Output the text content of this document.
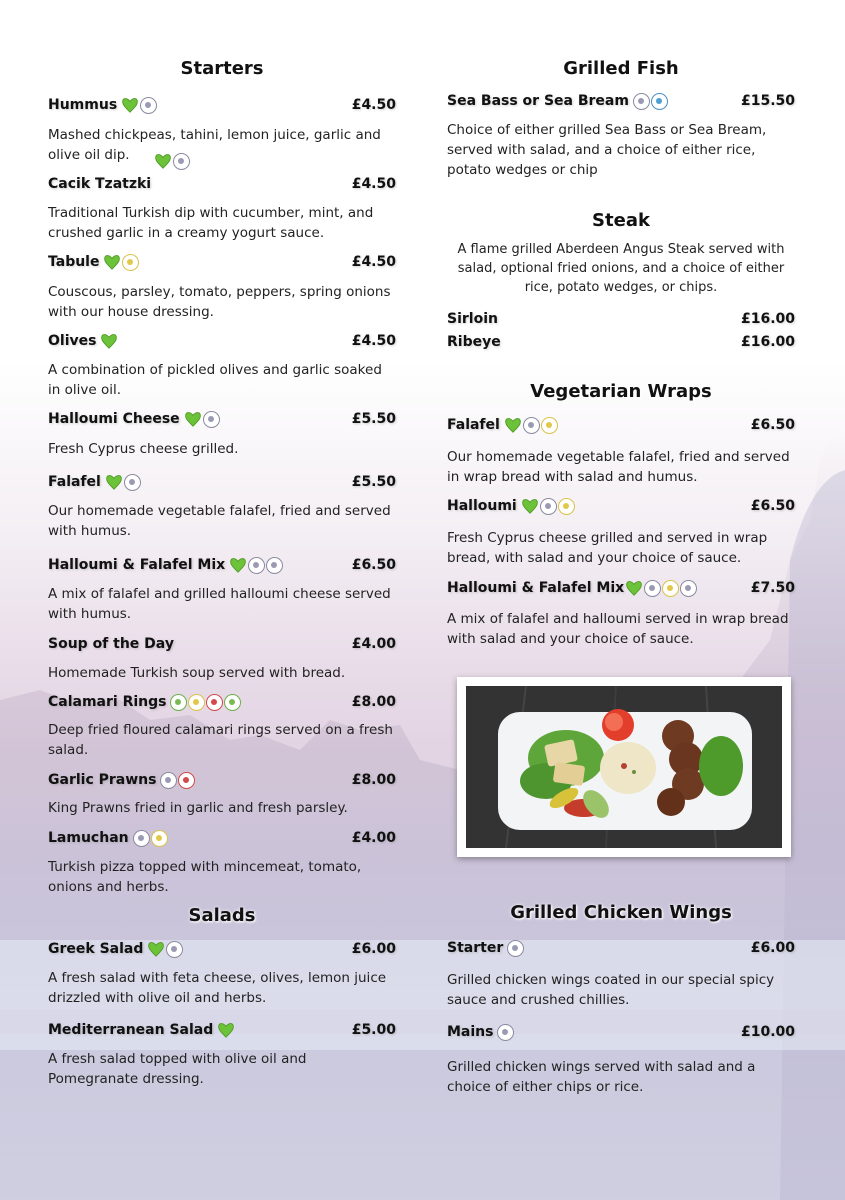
Starters
Hummus	£4.50
Mashed chickpeas, tahini, lemon juice, garlic and olive oil dip.
Cacik Tzatzki	£4.50
Traditional Turkish dip with cucumber, mint, and crushed garlic in a creamy yogurt sauce.
Tabule	£4.50
Couscous, parsley, tomato, peppers, spring onions with our house dressing.
Olives	£4.50
A combination of pickled olives and garlic soaked in olive oil.
Halloumi Cheese	£5.50
Fresh Cyprus cheese grilled.
Falafel	£5.50
Our homemade vegetable falafel, fried and served with humus.
Halloumi & Falafel Mix	£6.50
A mix of falafel and grilled halloumi cheese served with humus.
Soup of the Day	£4.00
Homemade Turkish soup served with bread.
Calamari Rings	£8.00
Deep fried floured calamari rings served on a fresh salad.
Garlic Prawns	£8.00
King Prawns fried in garlic and fresh parsley.
Lamuchan	£4.00
Turkish pizza topped with mincemeat, tomato, onions and herbs.
Salads
Greek Salad	£6.00
A fresh salad with feta cheese, olives, lemon juice drizzled with olive oil and herbs.
Mediterranean Salad	£5.00
A fresh salad topped with olive oil and Pomegranate dressing.
Grilled Fish
Sea Bass or Sea Bream	£15.50
Choice of either grilled Sea Bass or Sea Bream, served with salad, and a choice of either rice, potato wedges or chip
Steak
A flame grilled Aberdeen Angus Steak served with salad, optional fried onions, and a choice of either rice, potato wedges, or chips.
Sirloin	£16.00
Ribeye	£16.00
Vegetarian Wraps
Falafel	£6.50
Our homemade vegetable falafel, fried and served in wrap bread with salad and humus.
Halloumi	£6.50
Fresh Cyprus cheese grilled and served in wrap bread, with salad and your choice of sauce.
Halloumi & Falafel Mix	£7.50
A mix of falafel and halloumi served in wrap bread with salad and your choice of sauce.
Grilled Chicken Wings
Starter	£6.00
Grilled chicken wings coated in our special spicy sauce and crushed chillies.
Mains	£10.00
Grilled chicken wings served with salad and a choice of either chips or rice.
